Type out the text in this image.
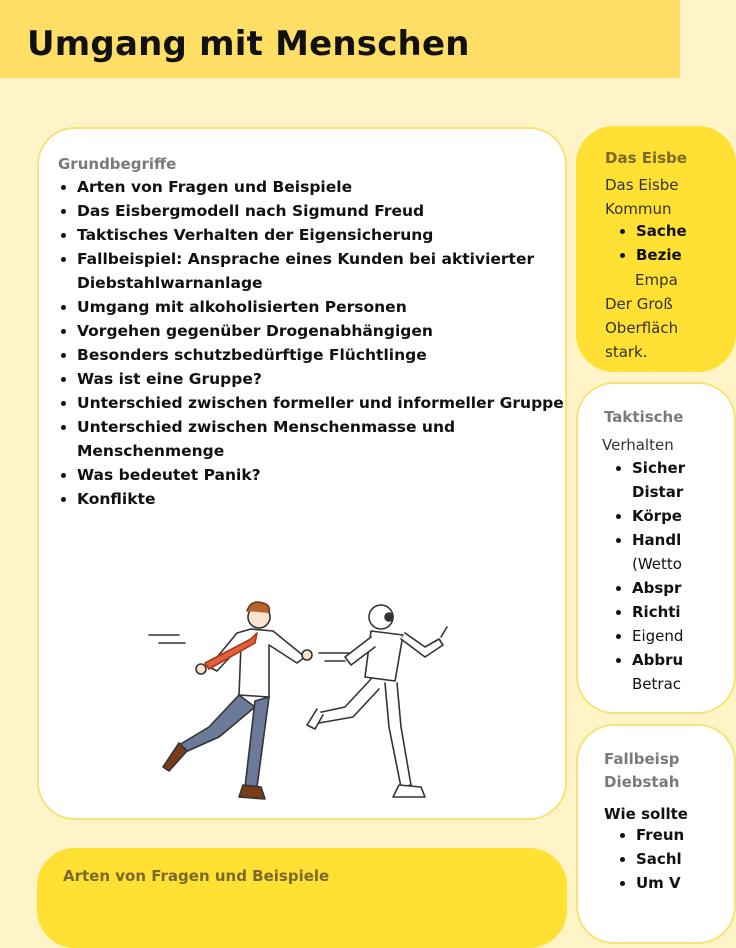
Umgang mit Menschen
Grundbegriffe
• Arten von Fragen und Beispiele
• Das Eisbergmodell nach Sigmund Freud
• Taktisches Verhalten der Eigensicherung
• Fallbeispiel: Ansprache eines Kunden bei aktivierter Diebstahlwarnanlage
• Umgang mit alkoholisierten Personen
• Vorgehen gegenüber Drogenabhängigen
• Besonders schutzbedürftige Flüchtlinge
• Was ist eine Gruppe?
• Unterschied zwischen formeller und informeller Gruppe
• Unterschied zwischen Menschenmasse und Menschenmenge
• Was bedeutet Panik?
• Konflikte
Arten von Fragen und Beispiele
Das Eisbe
Das Eisbe
Kommun
• Sache
• Bezie
Empa
Der Groß
Oberfläch
stark.
Taktische
Verhalten
• Sicher
Distar
• Körpe
• Handl
(Wetto
• Abspr
• Richti
• Eigend
• Abbru
Betrac
Fallbeisp
Diebstah
Wie sollte
• Freun
• Sachl
• Um V
